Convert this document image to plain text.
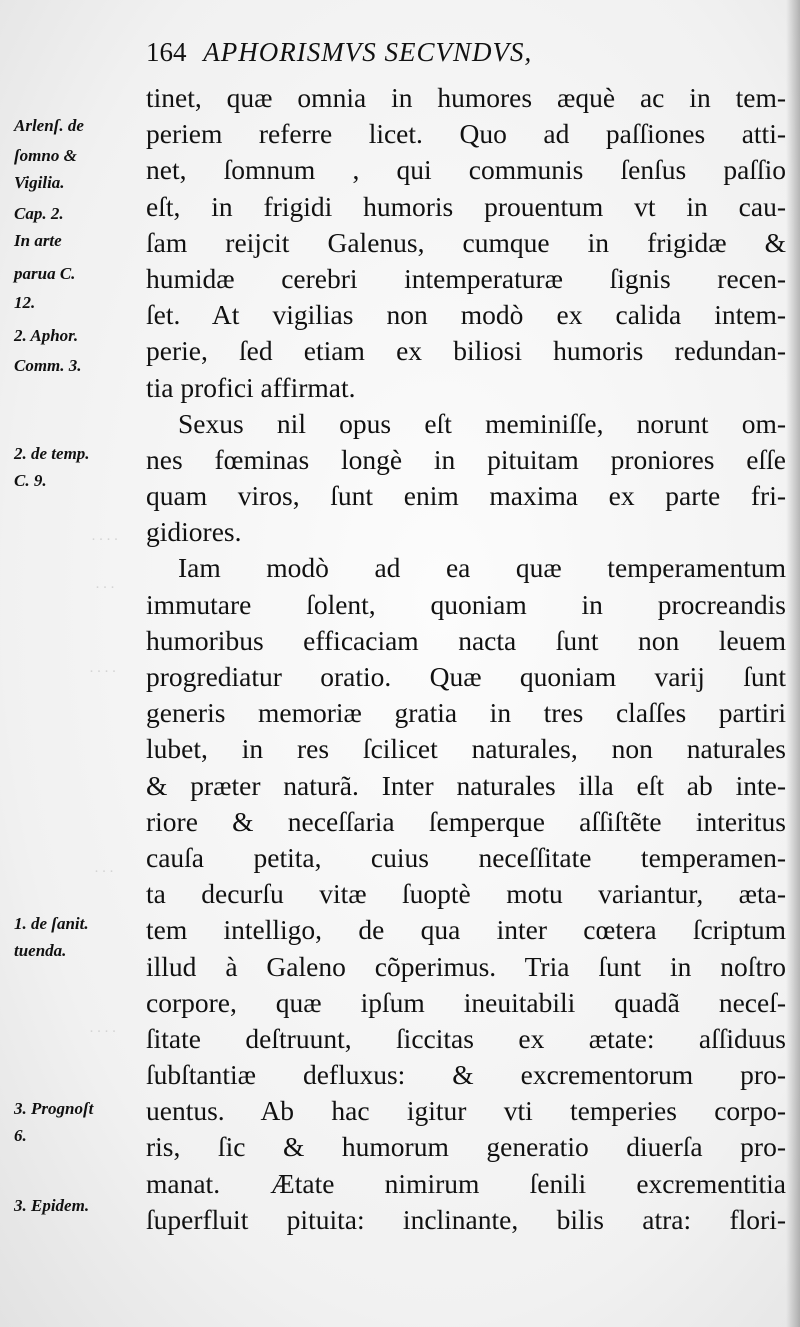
164 APHORISMVS SECVNDVS,
Arlenſ. de
ſomno &
Vigilia.
Cap. 2.
In arte
parua C.
12.
2. Aphor.
Comm. 3.
2. de temp.
C. 9.
1. de ſanit.
tuenda.
3. Prognoſt
6.
3. Epidem.
. . . .
. . .
. . . .
. . .
. . . .
tinet, quæ omnia in humores æquè ac in tem-
periem referre licet. Quo ad paſſiones atti-
net, ſomnum , qui communis ſenſus paſſio
eſt, in frigidi humoris prouentum vt in cau-
ſam reijcit Galenus, cumque in frigidæ &
humidæ cerebri intemperaturæ ſignis recen-
ſet. At vigilias non modò ex calida intem-
perie, ſed etiam ex biliosi humoris redundan-
tia profici affirmat.
Sexus nil opus eſt meminiſſe, norunt om-
nes fœminas longè in pituitam proniores eſſe
quam viros, ſunt enim maxima ex parte fri-
gidiores.
Iam modò ad ea quæ temperamentum
immutare ſolent, quoniam in procreandis
humoribus efficaciam nacta ſunt non leuem
progrediatur oratio. Quæ quoniam varij ſunt
generis memoriæ gratia in tres claſſes partiri
lubet, in res ſcilicet naturales, non naturales
& præter naturã. Inter naturales illa eſt ab inte-
riore & neceſſaria ſemperque aſſiſtẽte interitus
cauſa petita, cuius neceſſitate temperamen-
ta decurſu vitæ ſuoptè motu variantur, æta-
tem intelligo, de qua inter cœtera ſcriptum
illud à Galeno cõperimus. Tria ſunt in noſtro
corpore, quæ ipſum ineuitabili quadã neceſ-
ſitate deſtruunt, ſiccitas ex ætate: aſſiduus
ſubſtantiæ defluxus: & excrementorum pro-
uentus. Ab hac igitur vti temperies corpo-
ris, ſic & humorum generatio diuerſa pro-
manat. Ætate nimirum ſenili excrementitia
ſuperfluit pituita: inclinante, bilis atra: flori-
